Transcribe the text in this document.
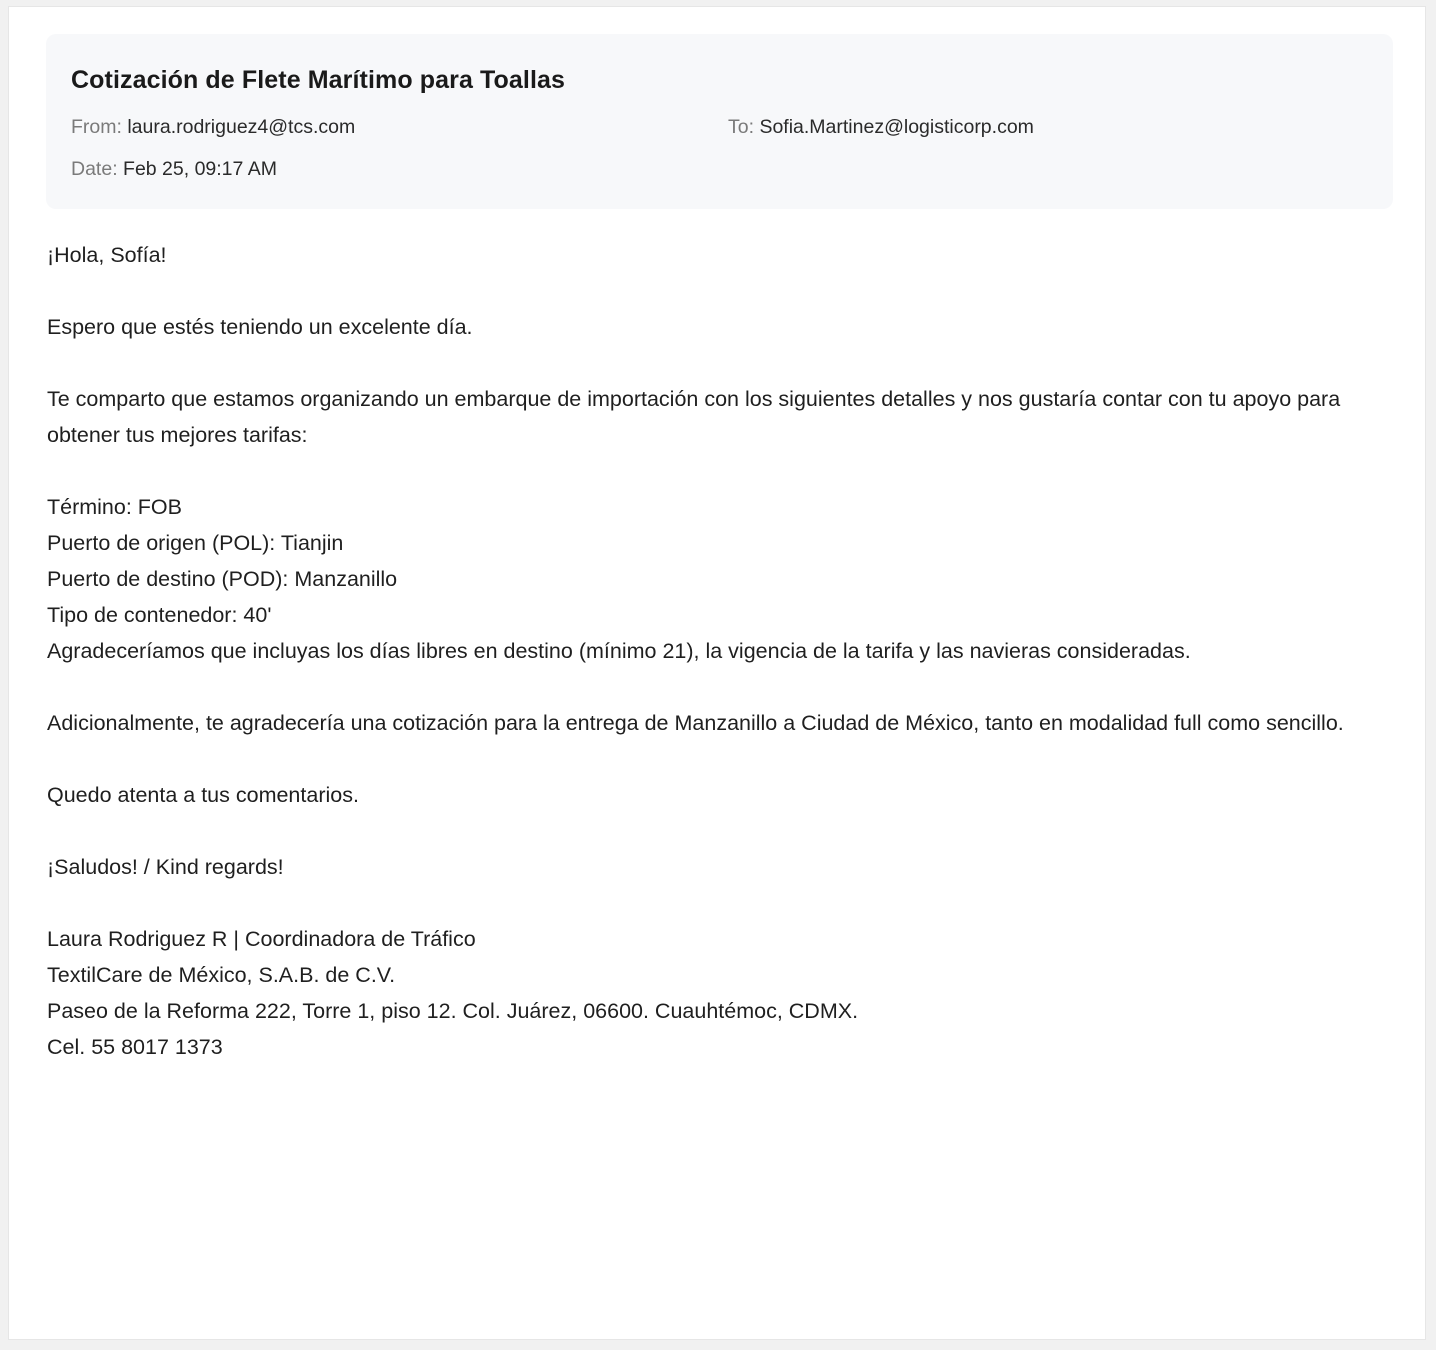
Cotización de Flete Marítimo para Toallas
From: laura.rodriguez4@tcs.com	To: Sofia.Martinez@logisticorp.com
Date: Feb 25, 09:17 AM

¡Hola, Sofía!

Espero que estés teniendo un excelente día.

Te comparto que estamos organizando un embarque de importación con los siguientes detalles y nos gustaría contar con tu apoyo para obtener tus mejores tarifas:

Término: FOB
Puerto de origen (POL): Tianjin
Puerto de destino (POD): Manzanillo
Tipo de contenedor: 40'
Agradeceríamos que incluyas los días libres en destino (mínimo 21), la vigencia de la tarifa y las navieras consideradas.

Adicionalmente, te agradecería una cotización para la entrega de Manzanillo a Ciudad de México, tanto en modalidad full como sencillo.

Quedo atenta a tus comentarios.

¡Saludos! / Kind regards!

Laura Rodriguez R | Coordinadora de Tráfico
TextilCare de México, S.A.B. de C.V.
Paseo de la Reforma 222, Torre 1, piso 12. Col. Juárez, 06600. Cuauhtémoc, CDMX.
Cel. 55 8017 1373
